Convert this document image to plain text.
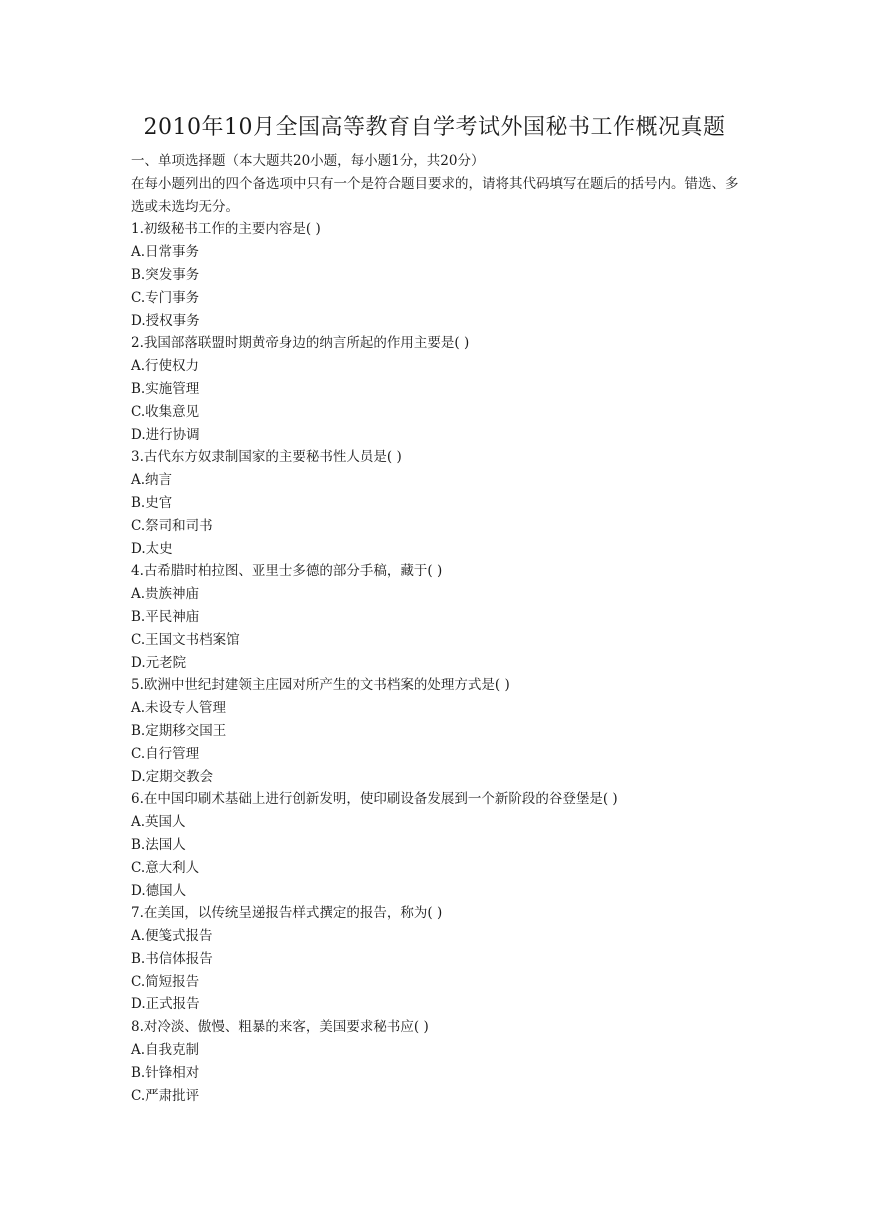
2010年10月全国高等教育自学考试外国秘书工作概况真题
一、单项选择题（本大题共20小题，每小题1分，共20分）
在每小题列出的四个备选项中只有一个是符合题目要求的，请将其代码填写在题后的括号内。错选、多选或未选均无分。
1.初级秘书工作的主要内容是( )
A.日常事务
B.突发事务
C.专门事务
D.授权事务
2.我国部落联盟时期黄帝身边的纳言所起的作用主要是( )
A.行使权力
B.实施管理
C.收集意见
D.进行协调
3.古代东方奴隶制国家的主要秘书性人员是( )
A.纳言
B.史官
C.祭司和司书
D.太史
4.古希腊时柏拉图、亚里士多德的部分手稿，藏于( )
A.贵族神庙
B.平民神庙
C.王国文书档案馆
D.元老院
5.欧洲中世纪封建领主庄园对所产生的文书档案的处理方式是( )
A.未设专人管理
B.定期移交国王
C.自行管理
D.定期交教会
6.在中国印刷术基础上进行创新发明，使印刷设备发展到一个新阶段的谷登堡是( )
A.英国人
B.法国人
C.意大利人
D.德国人
7.在美国，以传统呈递报告样式撰定的报告，称为( )
A.便笺式报告
B.书信体报告
C.简短报告
D.正式报告
8.对冷淡、傲慢、粗暴的来客，美国要求秘书应( )
A.自我克制
B.针锋相对
C.严肃批评
